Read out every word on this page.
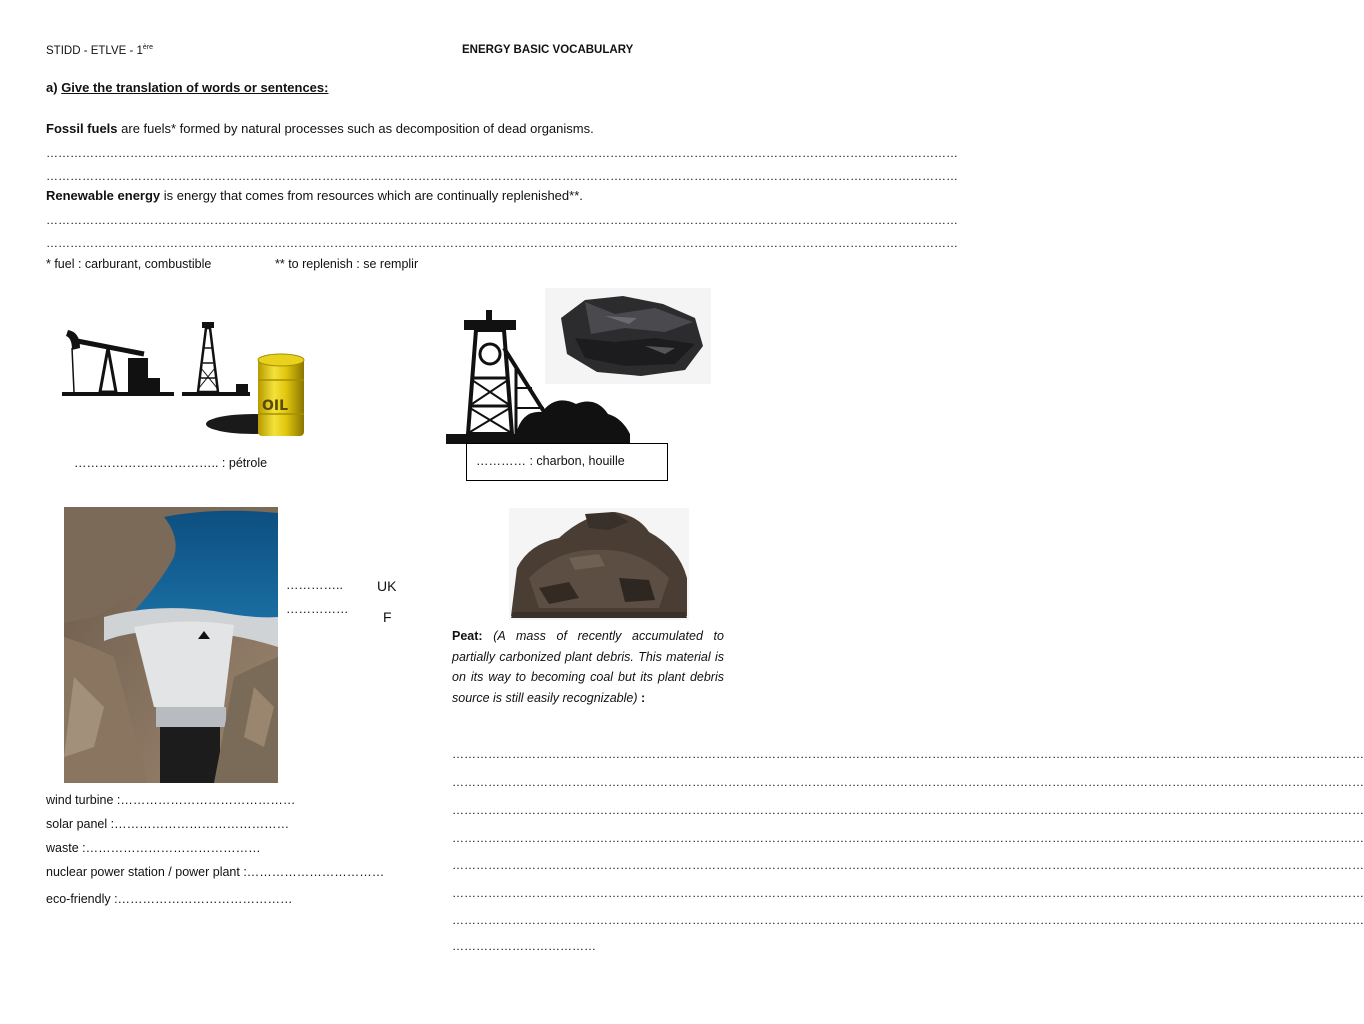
STIDD - ETLVE - 1ère	ENERGY BASIC VOCABULARY
a) Give the translation of words or sentences:
Fossil fuels are fuels* formed by natural processes such as decomposition of dead organisms.
…………………………………………………………………………………………………………………………………………………………………………………………………………
…………………………………………………………………………………………………………………………………………………………………………………………………………
Renewable energy is energy that comes from resources which are continually replenished**.
…………………………………………………………………………………………………………………………………………………………………………………………………………
…………………………………………………………………………………………………………………………………………………………………………………………………………
* fuel : carburant, combustible	** to replenish : se remplir
OIL
…………………………….. : pétrole	………… : charbon, houille
………….. UK
…………… F
Peat: (A mass of recently accumulated to partially carbonized plant debris. This material is on its way to becoming coal but its plant debris source is still easily recognizable) :
…………………………………………………………………………………………………………………………………………………………………………………………………………
…………………………………………………………………………………………………………………………………………………………………………………………………………
…………………………………………………………………………………………………………………………………………………………………………………………………………
…………………………………………………………………………………………………………………………………………………………………………………………………………
…………………………………………………………………………………………………………………………………………………………………………………………………………
…………………………………………………………………………………………………………………………………………………………………………………………………………
…………………………………………………………………………………………………………………………………………………………………………………………………………
………………………………
wind turbine :……………………………………
solar panel :……………………………………
waste :……………………………………
nuclear power station / power plant :……………………………
eco-friendly :……………………………………
